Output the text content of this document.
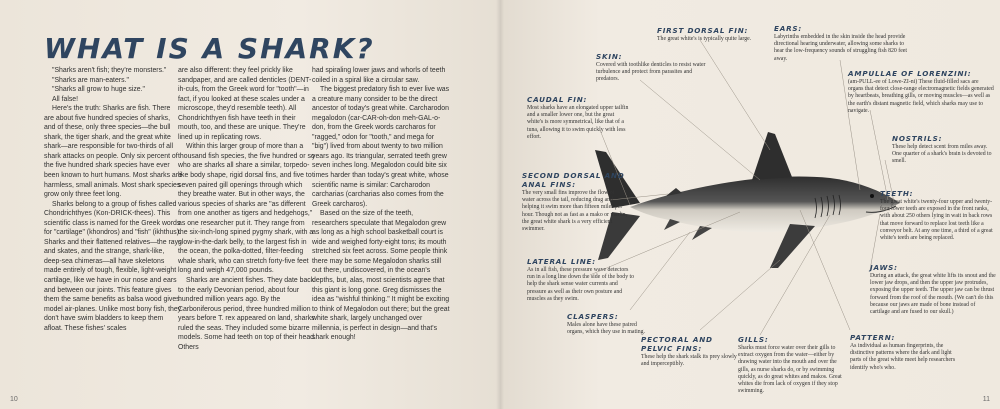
WHAT IS A SHARK?

"Sharks aren't fish; they're monsters."

"Sharks are man-eaters."

"Sharks all grow to huge size."

All false!

Here's the truth: Sharks are fish. There are about five hundred species of sharks, and of these, only three species—the bull shark, the tiger shark, and the great white shark—are responsible for two-thirds of all shark attacks on people. Only six percent of the five hundred shark species have ever been known to hurt humans. Most sharks are harmless, small animals. Most shark species grow only three feet long.

Sharks belong to a group of fishes called Chondrichthyes (Kon-DRICK-thees). This scientific class is named for the Greek words for "cartilage" (khondros) and "fish" (ikhthus). Sharks and their flattened relatives—the rays and skates, and the strange, shark-like, deep-sea chimeras—all have skeletons made entirely of tough, flexible, light-weight cartilage, like we have in our nose and ears and between our joints. This feature gives them the same benefits as balsa wood gives model air-planes. Unlike most bony fish, they don't have swim bladders to keep them afloat. These fishes' scales

are also different: they feel prickly like sandpaper, and are called denticles (DENT-ih-culs, from the Greek word for "tooth"—in fact, if you looked at these scales under a microscope, they'd resemble teeth). All Chondrichthyen fish have teeth in their mouth, too, and these are unique. They're lined up in replicating rows.

Within this larger group of more than a thousand fish species, the five hundred or so who are sharks all share a similar, torpedo-like body shape, rigid dorsal fins, and five to seven paired gill openings through which they breathe water. But in other ways, the various species of sharks are "as different from one another as tigers and hedgehogs," as one researcher put it. They range from the six-inch-long spined pygmy shark, with a glow-in-the-dark belly, to the largest fish in the ocean, the polka-dotted, filter-feeding whale shark, who can stretch forty-five feet long and weigh 47,000 pounds.

Sharks are ancient fishes. They date back to the early Devonian period, about four hundred million years ago. By the Carboniferous period, three hundred million years before T. rex appeared on land, sharks ruled the seas. They included some bizarre models. Some had teeth on top of their head. Others

had spiraling lower jaws and whorls of teeth coiled in a spiral like a circular saw.

The biggest predatory fish to ever live was a creature many consider to be the direct ancestor of today's great white. Carcharodon megalodon (car-CAR-oh-don meh-GAL-o-don, from the Greek words carcharos for "ragged," odon for "tooth," and mega for "big") lived from about twenty to two million years ago. Its triangular, serrated teeth grew seven inches long. Megalodon could bite six times harder than today's great white, whose scientific name is similar: Carcharodon carcharias (carcharias also comes from the Greek carcharos).

Based on the size of the teeth, researchers speculate that Megalodon grew as long as a high school basketball court is wide and weighed forty-eight tons; its mouth stretched six feet across. Some people think there may be some Megalodon sharks still out there, undiscovered, in the ocean's depths, but, alas, most scientists agree that this giant is long gone. Greg dismisses the idea as "wishful thinking." It might be exciting to think of Megalodon out there; but the great white shark, largely unchanged over millennia, is perfect in design—and that's shark enough!

10	11
FIRST DORSAL FIN:
The great white's is typically quite large.
EARS:
Labyrinths embedded in the skin inside the head provide directional hearing underwater, allowing some sharks to hear the low-frequency sounds of struggling fish 820 feet away.
SKIN:
Covered with toothlike denticles to resist water turbulence and protect from parasites and predators.
AMPULLAE OF LORENZINI:
(am-PULL-ee of Lowe-ZI-ni) These fluid-filled sacs are organs that detect close-range electromagnetic fields generated by heartbeats, breathing gills, or moving muscles—as well as the earth's distant magnetic field, which sharks may use to navigate.
CAUDAL FIN:
Most sharks have an elongated upper tailfin and a smaller lower one, but the great white's is more symmetrical, like that of a tuna, allowing it to swim quickly with less effort.	NOSTRILS:
These help detect scent from miles away. One quarter of a shark's brain is devoted to smell.
SECOND DORSAL AND ANAL FINS:
The very small fins improve the flow of water across the tail, reducing drag and helping it swim more than fifteen miles per hour. Though not as fast as a mako or marlin, the great white shark is a very efficient swimmer.
TEETH:
The great white's twenty-four upper and twenty-four lower teeth are exposed in the front ranks, with about 250 others lying in wait in back rows that move forward to replace lost teeth like a conveyor belt. At any one time, a third of a great white's teeth are being replaced.
LATERAL LINE:
As in all fish, these pressure wave detectors run in a long line down the side of the body to help the shark sense water currents and pressure as well as their own posture and muscles as they swim.
JAWS:
During an attack, the great white lifts its snout and the lower jaw drops, and then the upper jaw protrudes, exposing the upper teeth. The upper jaw can be thrust forward from the roof of the mouth. (We can't do this because our jaws are made of bone instead of cartilage and are fused to our skull.)
CLASPERS:
Males alone have these paired organs, which they use in mating.
PECTORAL AND PELVIC FINS:
These help the shark stalk its prey slowly and imperceptibly.
GILLS:
Sharks must force water over their gills to extract oxygen from the water—either by drawing water into the mouth and over the gills, as nurse sharks do, or by swimming quickly, as do great whites and makos. Great whites die from lack of oxygen if they stop swimming.
PATTERN:
As individual as human fingerprints, the distinctive patterns where the dark and light parts of the great white meet help researchers identify who's who.
